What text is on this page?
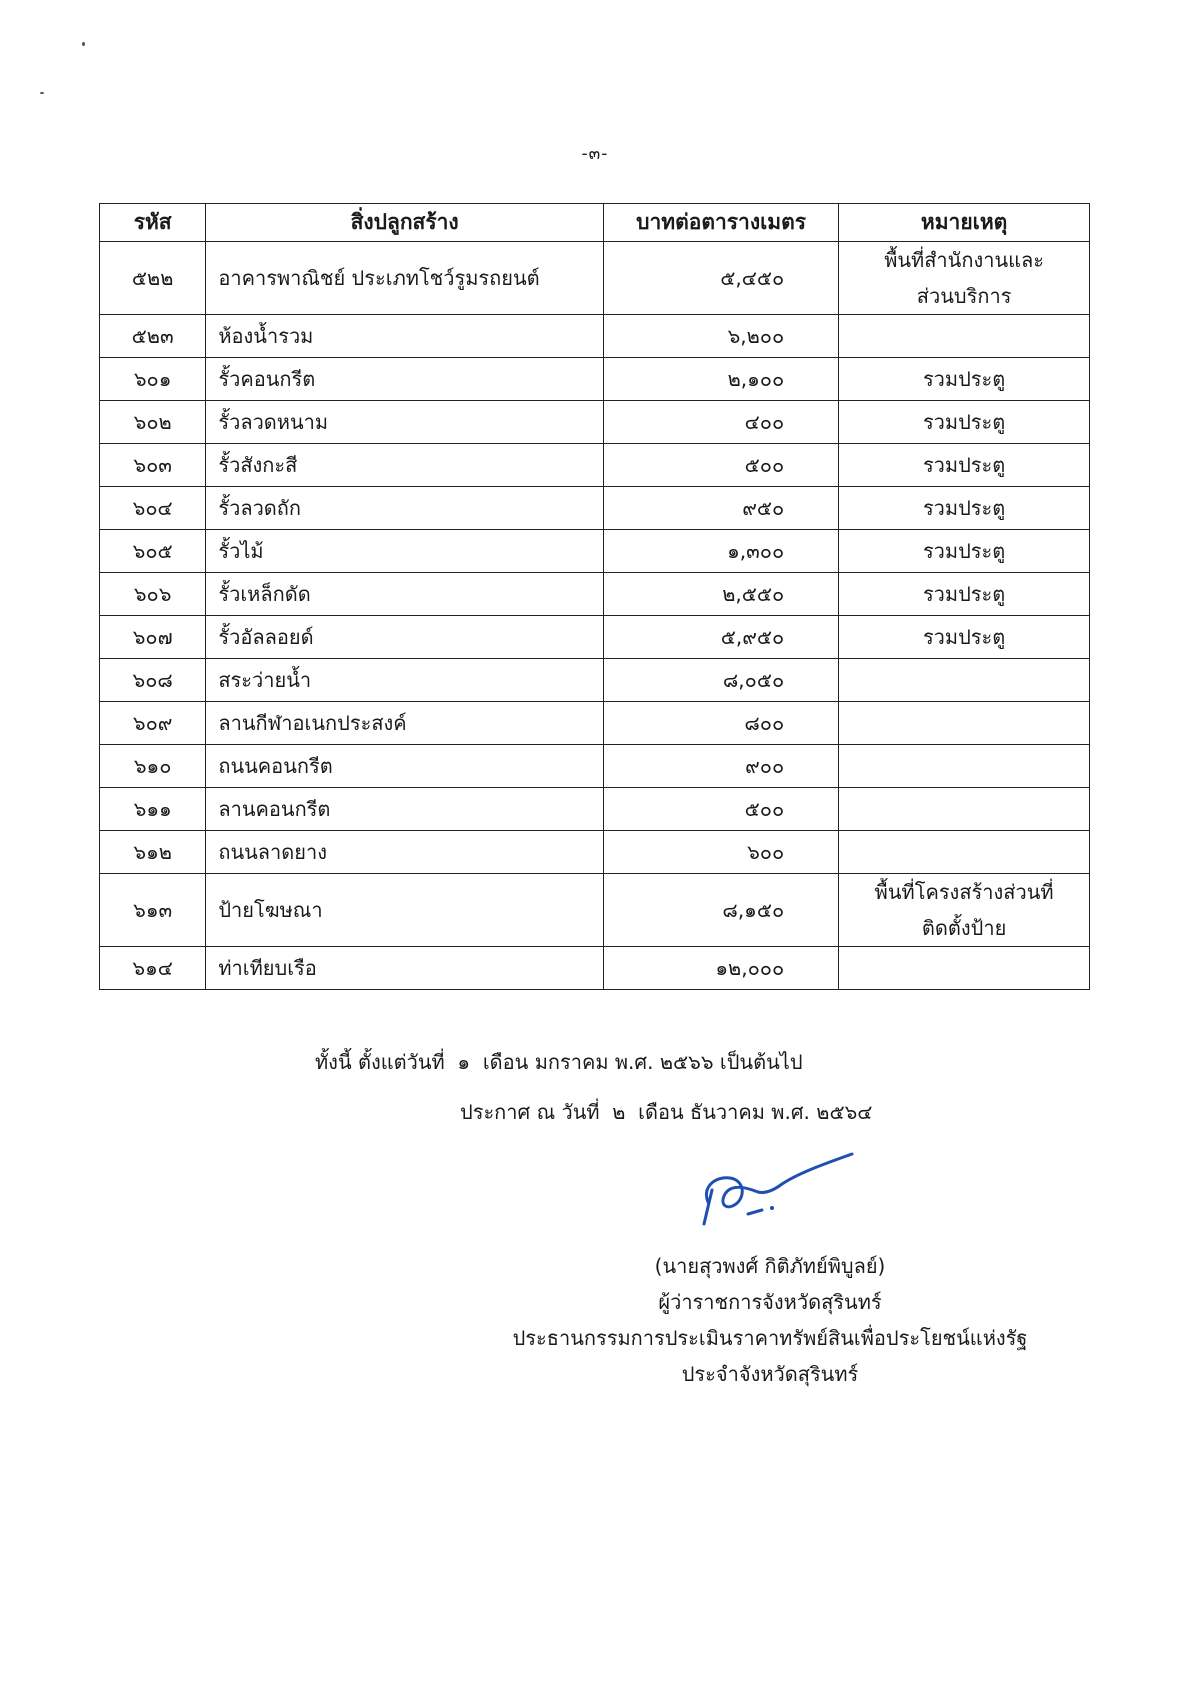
-๓-
รหัส	สิ่งปลูกสร้าง	บาทต่อตารางเมตร	หมายเหตุ
๕๒๒	อาคารพาณิชย์ ประเภทโชว์รูมรถยนต์	๕,๔๕๐	พื้นที่สำนักงานและ
ส่วนบริการ

๕๒๓	ห้องน้ำรวม	๖,๒๐๐	
๖๐๑	รั้วคอนกรีต	๒,๑๐๐	รวมประตู

๖๐๒	รั้วลวดหนาม	๔๐๐	รวมประตู

๖๐๓	รั้วสังกะสี	๕๐๐	รวมประตู

๖๐๔	รั้วลวดถัก	๙๕๐	รวมประตู

๖๐๕	รั้วไม้	๑,๓๐๐	รวมประตู

๖๐๖	รั้วเหล็กดัด	๒,๕๕๐	รวมประตู

๖๐๗	รั้วอัลลอยด์	๕,๙๕๐	รวมประตู

๖๐๘	สระว่ายน้ำ	๘,๐๕๐	
๖๐๙	ลานกีฬาอเนกประสงค์	๘๐๐	
๖๑๐	ถนนคอนกรีต	๙๐๐	
๖๑๑	ลานคอนกรีต	๕๐๐	
๖๑๒	ถนนลาดยาง	๖๐๐	
๖๑๓	ป้ายโฆษณา	๘,๑๕๐	พื้นที่โครงสร้างส่วนที่
ติดตั้งป้าย

๖๑๔	ท่าเทียบเรือ	๑๒,๐๐๐	
ทั้งนี้ ตั้งแต่วันที่  ๑  เดือน มกราคม พ.ศ. ๒๕๖๖ เป็นต้นไป
ประกาศ ณ วันที่  ๒  เดือน ธันวาคม พ.ศ. ๒๕๖๔
(นายสุวพงศ์ กิติภัทย์พิบูลย์)
ผู้ว่าราชการจังหวัดสุรินทร์
ประธานกรรมการประเมินราคาทรัพย์สินเพื่อประโยชน์แห่งรัฐ
ประจำจังหวัดสุรินทร์
